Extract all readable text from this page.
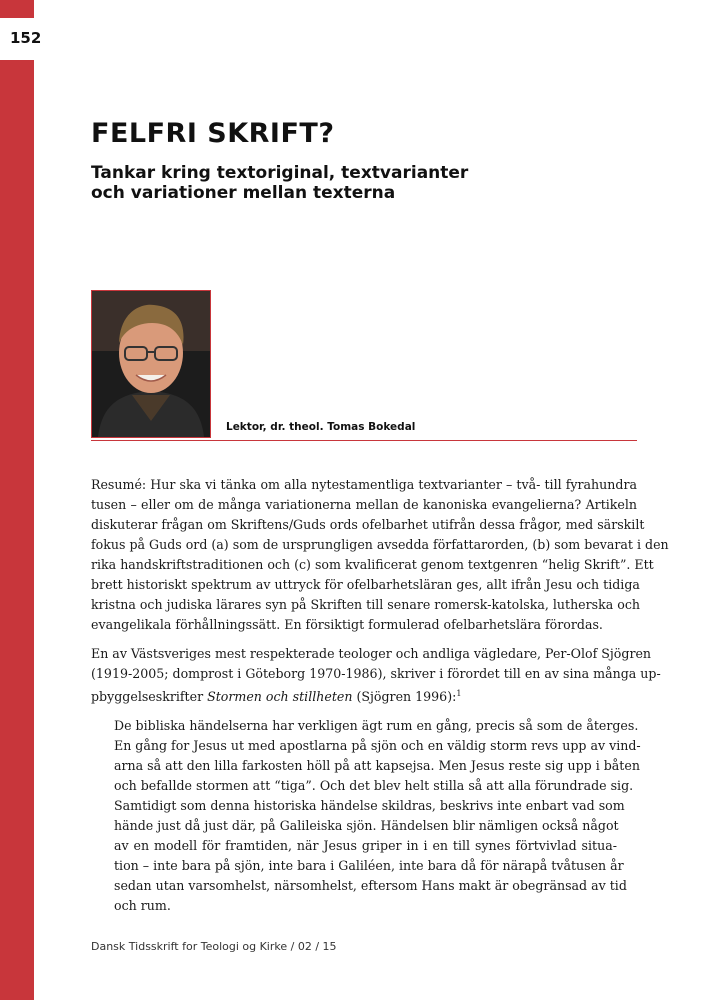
152
FELFRI SKRIFT?
Tankar kring textoriginal, textvarianter
och variationer mellan texterna
Lektor, dr. theol. Tomas Bokedal

Resumé: Hur ska vi tänka om alla nytestamentliga textvarianter – två- till fyrahundra
tusen – eller om de många variationerna mellan de kanoniska evangelierna? Artikeln
diskuterar frågan om Skriftens/Guds ords ofelbarhet utifrån dessa frågor, med särskilt
fokus på Guds ord (a) som de ursprungligen avsedda författarorden, (b) som bevarat i den
rika handskriftstraditionen och (c) som kvalificerat genom textgenren “helig Skrift”. Ett
brett historiskt spektrum av uttryck för ofelbarhetsläran ges, allt ifrån Jesu och tidiga
kristna och judiska lärares syn på Skriften till senare romersk-katolska, lutherska och
evangelikala förhållningssätt. En försiktigt formulerad ofelbarhetslära förordas.

En av Västsveriges mest respekterade teologer och andliga vägledare, Per-Olof Sjögren
(1919-2005; domprost i Göteborg 1970-1986), skriver i förordet till en av sina många up-
pbyggelseskrifter Stormen och stillheten (Sjögren 1996):$^1$

De bibliska händelserna har verkligen ägt rum en gång, precis så som de återges.
En gång for Jesus ut med apostlarna på sjön och en väldig storm revs upp av vind-
arna så att den lilla farkosten höll på att kapsejsa. Men Jesus reste sig upp i båten
och befallde stormen att “tiga”. Och det blev helt stilla så att alla förundrade sig.
Samtidigt som denna historiska händelse skildras, beskrivs inte enbart vad som
hände just då just där, på Galileiska sjön. Händelsen blir nämligen också något
av en modell för framtiden, när Jesus griper in i en till synes förtvivlad situa-
tion – inte bara på sjön, inte bara i Galiléen, inte bara då för närapå tvåtusen år
sedan utan varsomhelst, närsomhelst, eftersom Hans makt är obegränsad av tid
och rum.
Dansk Tidsskrift for Teologi og Kirke / 02 / 15
